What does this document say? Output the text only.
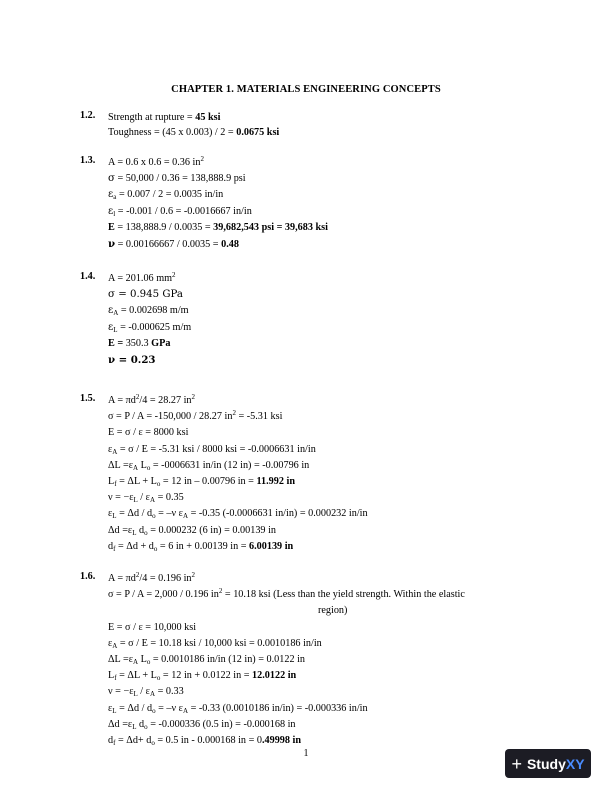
CHAPTER 1. MATERIALS ENGINEERING CONCEPTS
1.2.	Strength at rupture = 45 ksi
Toughness = (45 x 0.003) / 2 = 0.0675 ksi
1.3.	A = 0.6 x 0.6 = 0.36 $in^2$
σ = 50,000 / 0.36 = 138,888.9 psi
$\varepsilon_a = 0.007 / 2 = 0.0035$ in/in
$\varepsilon_l = -0.001 / 0.6 = -0.0016667$ in/in
E = 138,888.9 / 0.0035 = 39,682,543 psi = 39,683 ksi
ν = 0.00166667 / 0.0035 = 0.48
1.4.	A = 201.06 $mm^2$
σ = 0.945 GPa
$\varepsilon_A = 0.002698$ m/m
$\varepsilon_L = -0.000625$ m/m
E = 350.3 GPa
ν = 0.23
1.5.	$A = \pi d^2/4 = 28.27$ $in^2$
σ = P / A = -150,000 / 28.27 $in^2 = -5.31$ ksi
E = σ / ε = 8000 ksi
$\varepsilon_A = \sigma / E = -5.31$ ksi / 8000 ksi = -0.0006631 in/in
$\Delta L =\varepsilon_A$ $L_o = -0006631$ in/in (12 in) = -0.00796 in
$L_f = \Delta L + L_o = 12$ in – 0.00796 in = 11.992 in
$\nu = -\varepsilon_L / \varepsilon_A = 0.35$
$\varepsilon_L = \Delta d / d_o = -\nu$ $\varepsilon_A = -0.35$ (-0.0006631 in/in) = 0.000232 in/in
$\Delta d =\varepsilon_L$ $d_o = 0.000232$ (6 in) = 0.00139 in
$d_f = \Delta d + d_o = 6$ in + 0.00139 in = 6.00139 in
1.6.	$A = \pi d^2/4 = 0.196$ $in^2$
σ = P / A = 2,000 / 0.196 $in^2 = 10.18$ ksi (Less than the yield strength. Within the elastic
region)
E = σ / ε = 10,000 ksi
$\varepsilon_A = \sigma / E = 10.18$ ksi / 10,000 ksi = 0.0010186 in/in
$\Delta L =\varepsilon_A$ $L_o = 0.0010186$ in/in (12 in) = 0.0122 in
$L_f = \Delta L + L_o = 12$ in + 0.0122 in = 12.0122 in
$\nu = -\varepsilon_L / \varepsilon_A = 0.33$
$\varepsilon_L = \Delta d / d_o = -\nu$ $\varepsilon_A = -0.33$ (0.0010186 in/in) = -0.000336 in/in
$\Delta d =\varepsilon_L$ $d_o = -0.000336$ (0.5 in) = -0.000168 in
$d_f = \Delta d+ d_o = 0.5$ in - 0.000168 in = 0.49998 in
1	+ StudyXY
